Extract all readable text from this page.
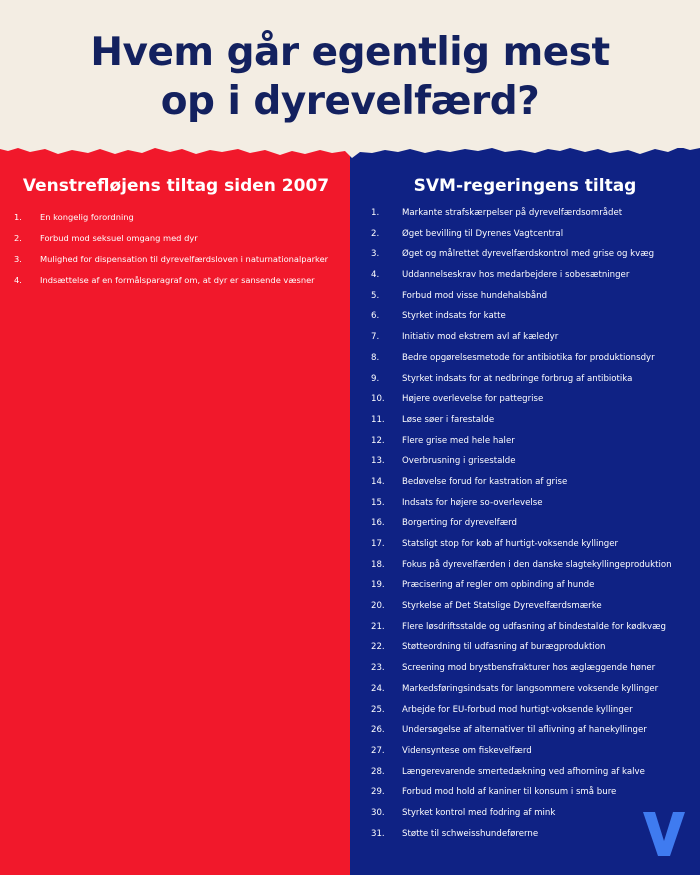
Hvem går egentlig mest
op i dyrevelfærd?
Venstrefløjens tiltag siden 2007	SVM-regeringens tiltag
1. En kongelig forordning
2. Forbud mod seksuel omgang med dyr
3. Mulighed for dispensation til dyrevelfærdsloven i naturnationalparker
4. Indsættelse af en formålsparagraf om, at dyr er sansende væsner
1.	Markante strafskærpelser på dyrevelfærdsområdet
2.	Øget bevilling til Dyrenes Vagtcentral
3.	Øget og målrettet dyrevelfærdskontrol med grise og kvæg
4.	Uddannelseskrav hos medarbejdere i sobesætninger
5.	Forbud mod visse hundehalsbånd
6.	Styrket indsats for katte
7.	Initiativ mod ekstrem avl af kæledyr
8.	Bedre opgørelsesmetode for antibiotika for produktionsdyr
9.	Styrket indsats for at nedbringe forbrug af antibiotika
10. Højere overlevelse for pattegrise
11. Løse søer i farestalde
12. Flere grise med hele haler
13. Overbrusning i grisestalde
14. Bedøvelse forud for kastration af grise
15. Indsats for højere so-overlevelse
16. Borgerting for dyrevelfærd
17. Statsligt stop for køb af hurtigt-voksende kyllinger
18. Fokus på dyrevelfærden i den danske slagtekyllingeproduktion
19. Præcisering af regler om opbinding af hunde
20. Styrkelse af Det Statslige Dyrevelfærdsmærke
21. Flere løsdriftsstalde og udfasning af bindestalde for kødkvæg
22. Støtteordning til udfasning af burægproduktion
23. Screening mod brystbensfrakturer hos æglæggende høner
24. Markedsføringsindsats for langsommere voksende kyllinger
25. Arbejde for EU-forbud mod hurtigt-voksende kyllinger
26. Undersøgelse af alternativer til aflivning af hanekyllinger
27. Vidensyntese om fiskevelfærd
28. Længerevarende smertedækning ved afhorning af kalve
29. Forbud mod hold af kaniner til konsum i små bure
30. Styrket kontrol med fodring af mink
31. Støtte til schweisshundeførerne
